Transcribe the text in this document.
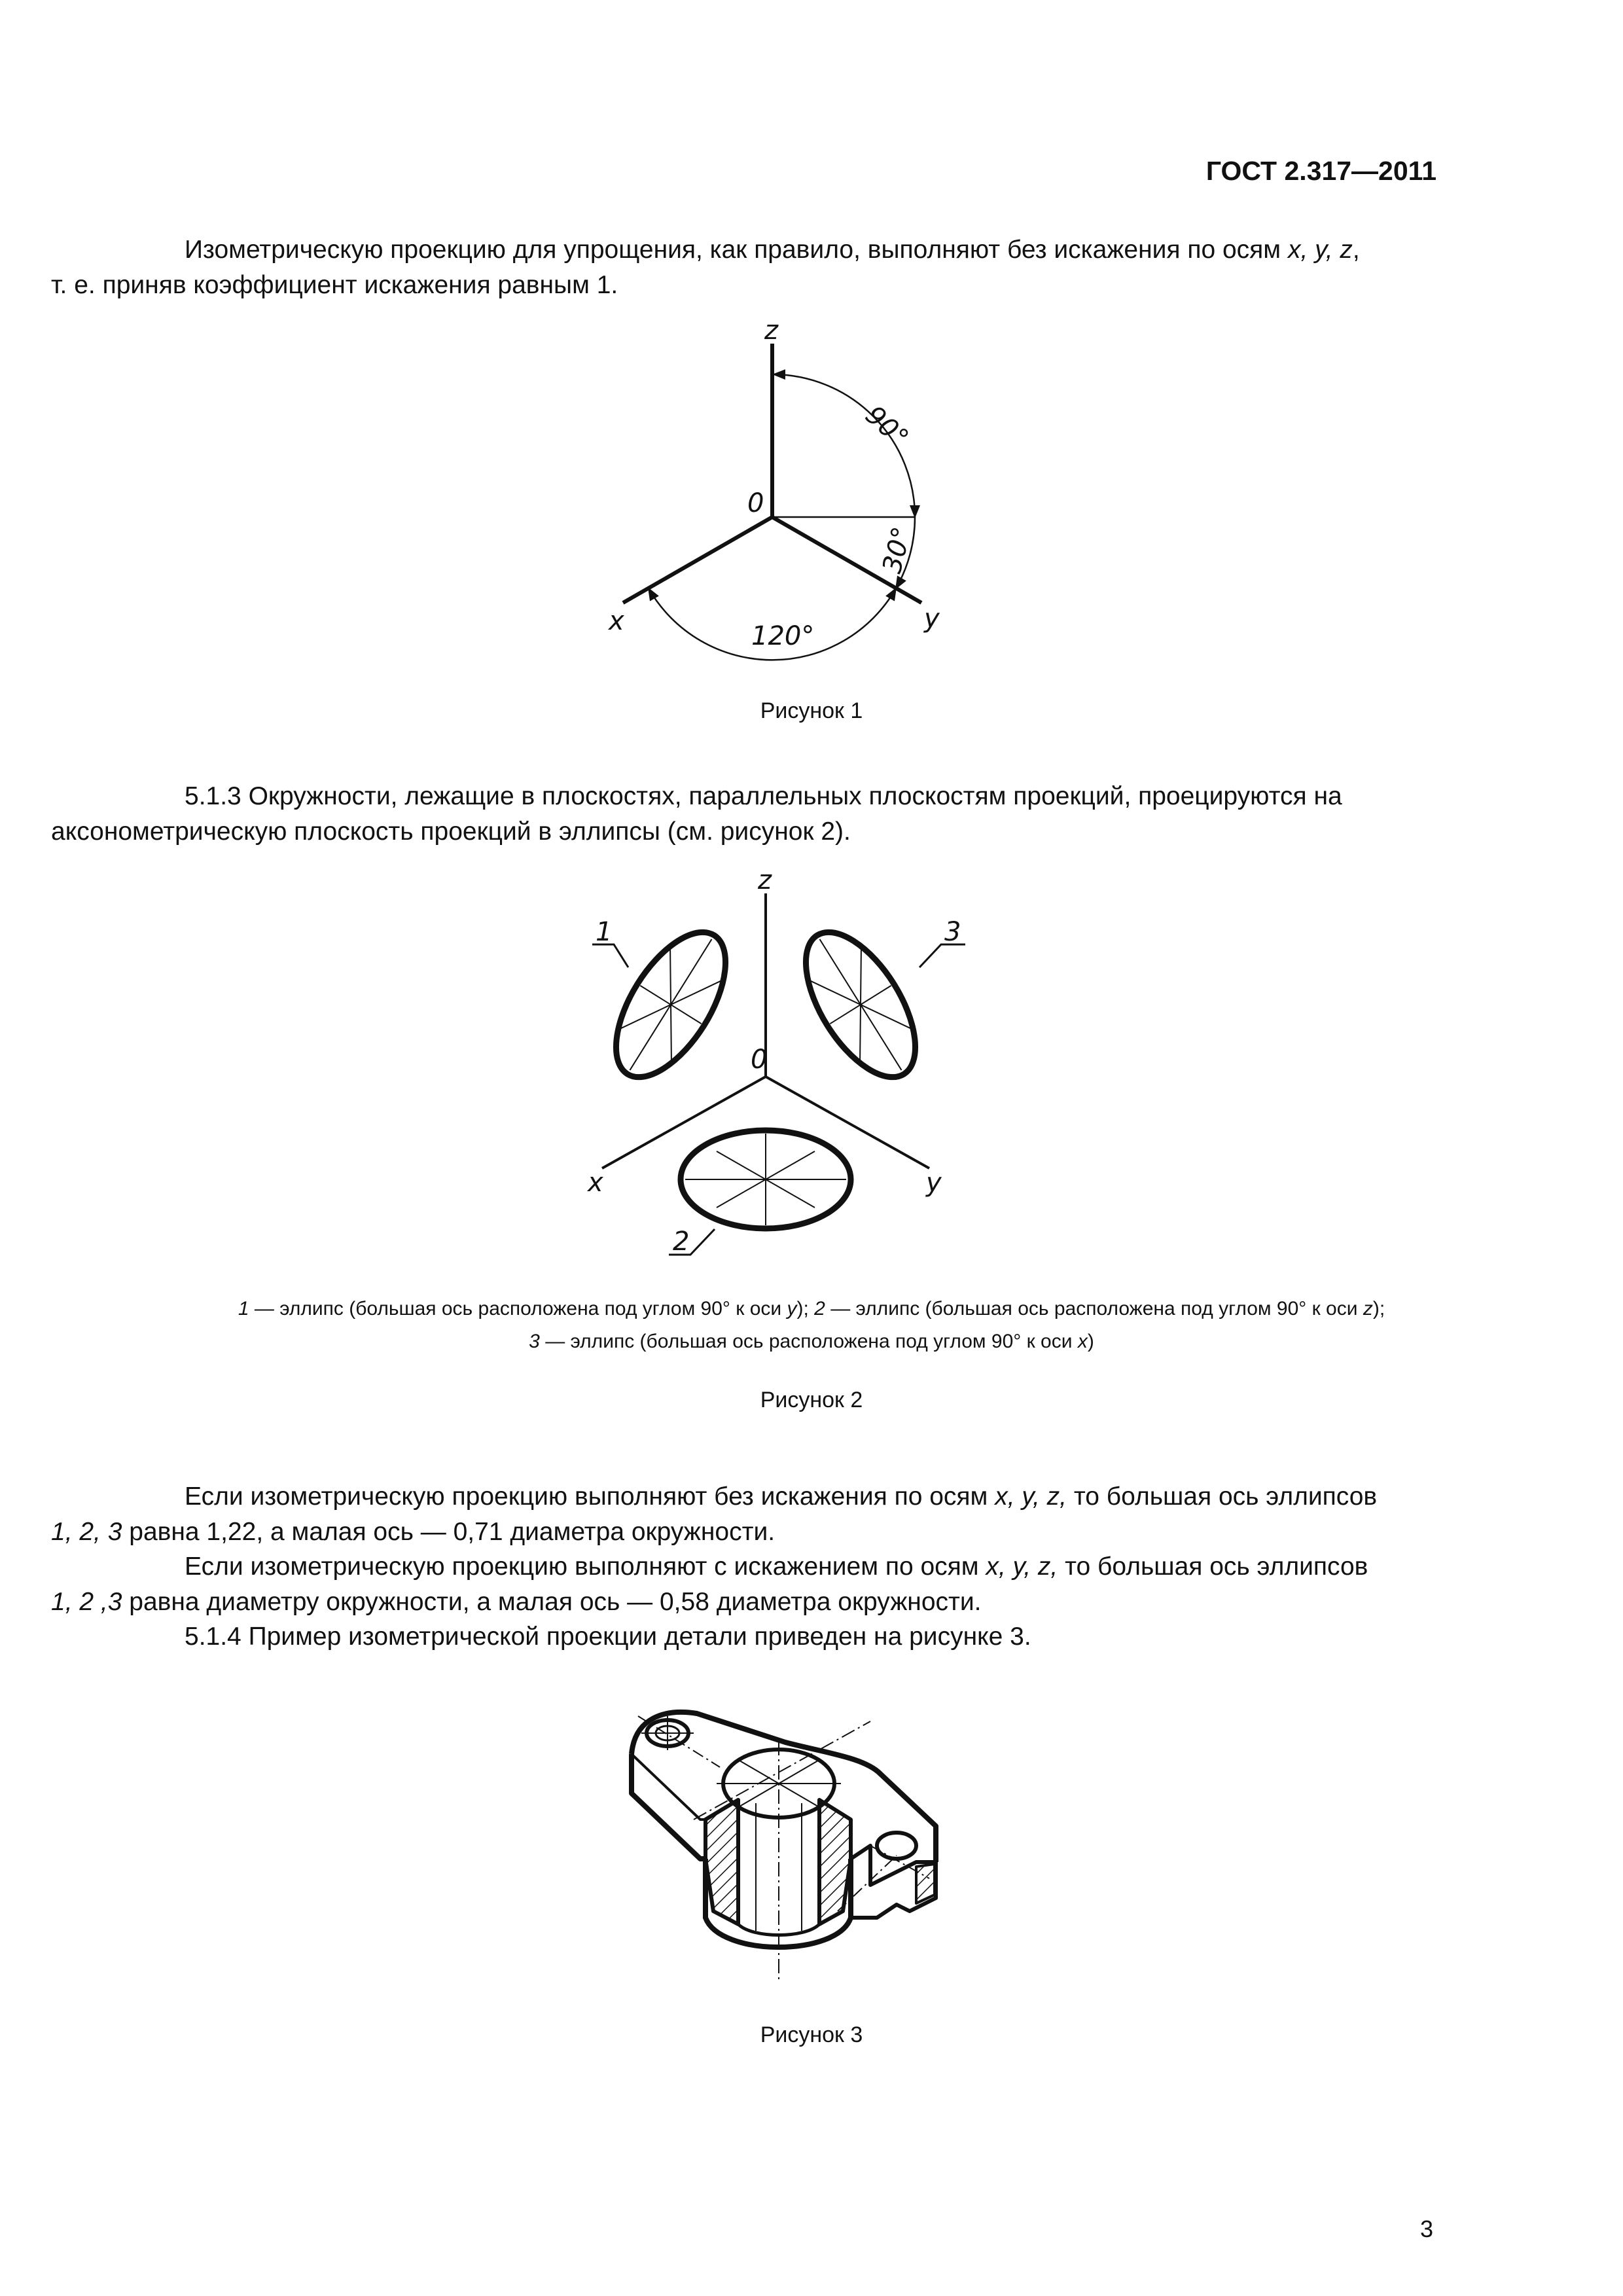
ГОСТ 2.317—2011

Изометрическую проекцию для упрощения, как правило, выполняют без искажения по осям x, y, z,
т. е. приняв коэффициент искажения равным 1.

z
0
x	y
90°
30°
120°
Рисунок 1

5.1.3 Окружности, лежащие в плоскостях, параллельных плоскостям проекций, проецируются на
аксонометрическую плоскость проекций в эллипсы (см. рисунок 2).

z
0
x	y
1	3
2
1 — эллипс (большая ось расположена под углом 90° к оси y); 2 — эллипс (большая ось расположена под углом 90° к оси z);
3 — эллипс (большая ось расположена под углом 90° к оси x)
Рисунок 2

Если изометрическую проекцию выполняют без искажения по осям x, y, z, то большая ось эллипсов
1, 2, 3 равна 1,22, а малая ось — 0,71 диаметра окружности.

Если изометрическую проекцию выполняют с искажением по осям x, y, z, то большая ось эллипсов
1, 2 ,3 равна диаметру окружности, а малая ось — 0,58 диаметра окружности.

5.1.4 Пример изометрической проекции детали приведен на рисунке 3.

Рисунок 3
3
